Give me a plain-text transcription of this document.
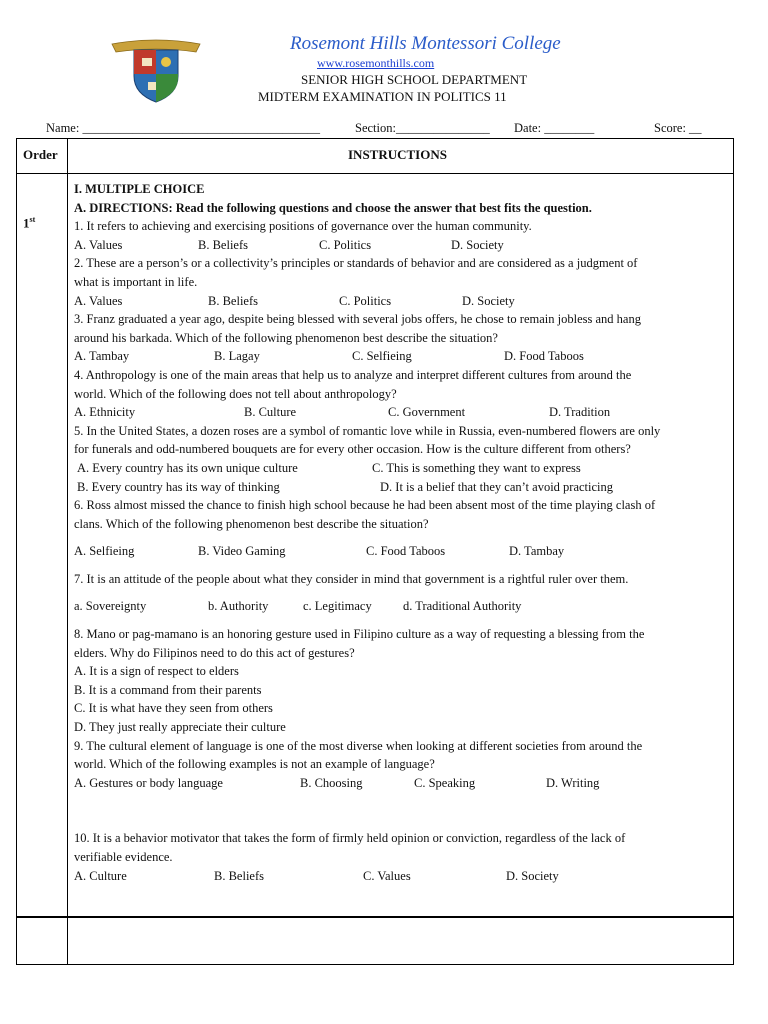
Rosemont Hills Montessori College
www.rosemonthills.com
SENIOR HIGH SCHOOL DEPARTMENT
MIDTERM EXAMINATION IN POLITICS 11

Name: ______________________________________

	Section:_______________

Date: ________

	Score: __

Order	INSTRUCTIONS
1st
I. MULTIPLE CHOICE
A. DIRECTIONS: Read the following questions and choose the answer that best fits the question.
1. It refers to achieving and exercising positions of governance over the human community.
A. Values	B. Beliefs	C. Politics	D. Society
2. These are a person’s or a collectivity’s principles or standards of behavior and are considered as a judgment of
what is important in life.
A. Values	B. Beliefs	C. Politics	D. Society
3. Franz graduated a year ago, despite being blessed with several jobs offers, he chose to remain jobless and hang
around his barkada. Which of the following phenomenon best describe the situation?
A. Tambay	B. Lagay	C. Selfieing	D. Food Taboos
4. Anthropology is one of the main areas that help us to analyze and interpret different cultures from around the
world. Which of the following does not tell about anthropology?
A. Ethnicity	B. Culture	C. Government	D. Tradition
5. In the United States, a dozen roses are a symbol of romantic love while in Russia, even-numbered flowers are only
for funerals and odd-numbered bouquets are for every other occasion. How is the culture different from others?
A. Every country has its own unique culture	C. This is something they want to express
B. Every country has its way of thinking	D. It is a belief that they can’t avoid practicing
6. Ross almost missed the chance to finish high school because he had been absent most of the time playing clash of
clans. Which of the following phenomenon best describe the situation?
A. Selfieing	B. Video Gaming	C. Food Taboos	D. Tambay
7. It is an attitude of the people about what they consider in mind that government is a rightful ruler over them.
a. Sovereignty	b. Authority	c. Legitimacy	d. Traditional Authority
8. Mano or pag-mamano is an honoring gesture used in Filipino culture as a way of requesting a blessing from the
elders. Why do Filipinos need to do this act of gestures?
A. It is a sign of respect to elders
B. It is a command from their parents
C. It is what have they seen from others
D. They just really appreciate their culture
9. The cultural element of language is one of the most diverse when looking at different societies from around the
world. Which of the following examples is not an example of language?
A. Gestures or body language	B. Choosing	C. Speaking	D. Writing
10. It is a behavior motivator that takes the form of firmly held opinion or conviction, regardless of the lack of
verifiable evidence.
A. Culture	B. Beliefs	C. Values	D. Society
